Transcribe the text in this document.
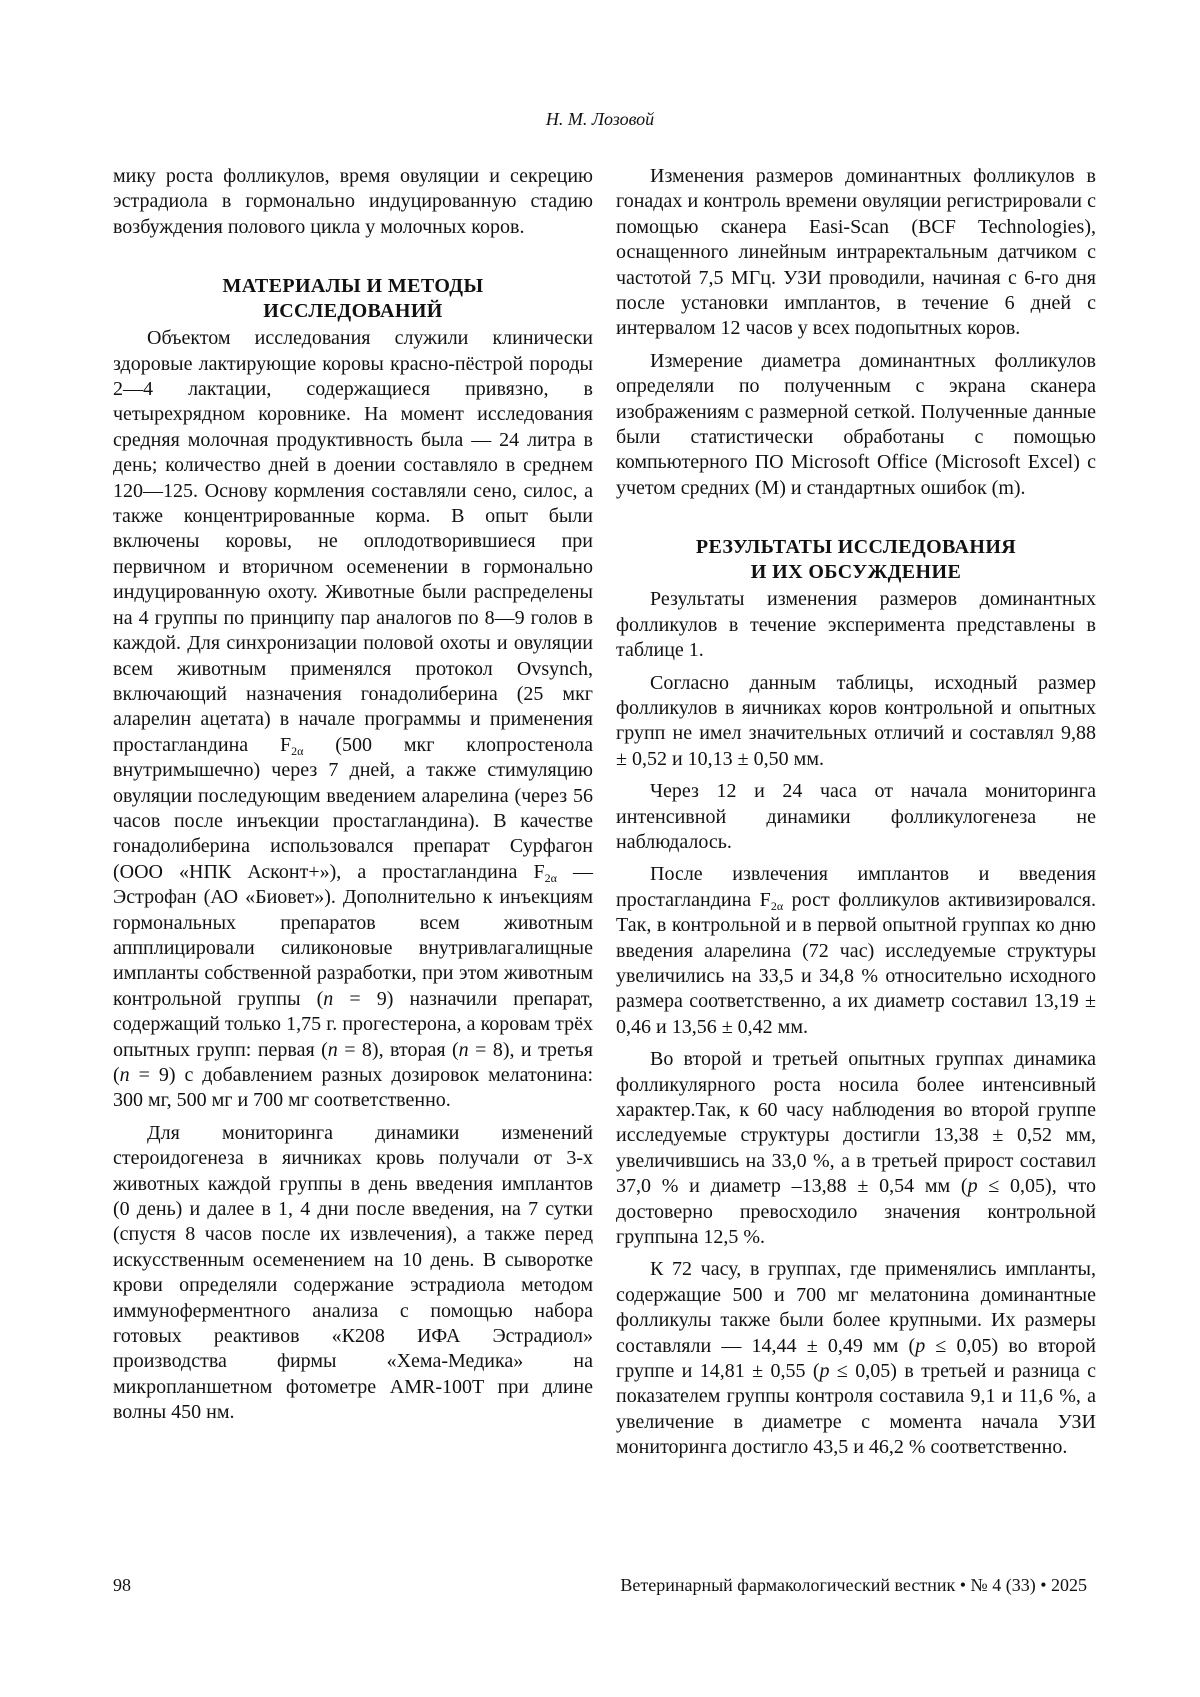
Н. М. Лозовой

мику роста фолликулов, время овуляции и секрецию эстрадиола в гормонально индуцированную стадию возбуждения полового цикла у молочных коров.

МАТЕРИАЛЫ И МЕТОДЫ
ИССЛЕДОВАНИЙ

Объектом исследования служили клинически здоровые лактирующие коровы красно-пёстрой породы 2—4 лактации, содержащиеся привязно, в четырехрядном коровнике. На момент исследования средняя молочная продуктивность была — 24 литра в день; количество дней в доении составляло в среднем 120—125. Основу кормления составляли сено, силос, а также концентрированные корма. В опыт были включены коровы, не оплодотворившиеся при первичном и вторичном осеменении в гормонально индуцированную охоту. Животные были распределены на 4 группы по принципу пар аналогов по 8—9 голов в каждой. Для синхронизации половой охоты и овуляции всем животным применялся протокол Ovsynch, включающий назначения гонадолиберина (25 мкг аларелин ацетата) в начале программы и применения простагландина $F_{2\alpha}$ (500 мкг клопростенола внутримышечно) через 7 дней, а также стимуляцию овуляции последующим введением аларелина (через 56 часов после инъекции простагландина). В качестве гонадолиберина использовался препарат Сурфагон (ООО «НПК Асконт+»), а простагландина $F_{2\alpha}$ — Эстрофан (АО «Биовет»). Дополнительно к инъекциям гормональных препаратов всем животным аппплицировали силиконовые внутривлагалищные импланты собственной разработки, при этом животным контрольной группы (n = 9) назначили препарат, содержащий только 1,75 г. прогестерона, а коровам трёх опытных групп: первая (n = 8), вторая (n = 8), и третья (n = 9) с добавлением разных дозировок мелатонина: 300 мг, 500 мг и 700 мг соответственно.

Для мониторинга динамики изменений стероидогенеза в яичниках кровь получали от 3-х животных каждой группы в день введения имплантов (0 день) и далее в 1, 4 дни после введения, на 7 сутки (спустя 8 часов после их извлечения), а также перед искусственным осеменением на 10 день. В сыворотке крови определяли содержание эстрадиола методом иммуноферментного анализа с помощью набора готовых реактивов «К208 ИФА Эстрадиол» производства фирмы «Хема-Медика» на микропланшетном фотометре AMR-100T при длине волны 450 нм.

Изменения размеров доминантных фолликулов в гонадах и контроль времени овуляции регистрировали с помощью сканера Easi-Scan (BCF Technologies), оснащенного линейным интраректальным датчиком с частотой 7,5 МГц. УЗИ проводили, начиная с 6-го дня после установки имплантов, в течение 6 дней с интервалом 12 часов у всех подопытных коров.

Измерение диаметра доминантных фолликулов определяли по полученным с экрана сканера изображениям с размерной сеткой. Полученные данные были статистически обработаны с помощью компьютерного ПО Microsoft Office (Microsoft Excel) с учетом средних (M) и стандартных ошибок (m).

РЕЗУЛЬТАТЫ ИССЛЕДОВАНИЯ
И ИХ ОБСУЖДЕНИЕ

Результаты изменения размеров доминантных фолликулов в течение эксперимента представлены в таблице 1.

Согласно данным таблицы, исходный размер фолликулов в яичниках коров контрольной и опытных групп не имел значительных отличий и составлял 9,88 ± 0,52 и 10,13 ± 0,50 мм.

Через 12 и 24 часа от начала мониторинга интенсивной динамики фолликулогенеза не наблюдалось.

После извлечения имплантов и введения простагландина $F_{2\alpha}$ рост фолликулов активизировался. Так, в контрольной и в первой опытной группах ко дню введения аларелина (72 час) исследуемые структуры увеличились на 33,5 и 34,8 % относительно исходного размера соответственно, а их диаметр составил 13,19 ± 0,46 и 13,56 ± 0,42 мм.

Во второй и третьей опытных группах динамика фолликулярного роста носила более интенсивный характер.Так, к 60 часу наблюдения во второй группе исследуемые структуры достигли 13,38 ± 0,52 мм, увеличившись на 33,0 %, а в третьей прирост составил 37,0 % и диаметр –13,88 ± 0,54 мм (p ≤ 0,05), что достоверно превосходило значения контрольной группына 12,5 %.

К 72 часу, в группах, где применялись импланты, содержащие 500 и 700 мг мелатонина доминантные фолликулы также были более крупными. Их размеры составляли — 14,44 ± 0,49 мм (p ≤ 0,05) во второй группе и 14,81 ± 0,55 (p ≤ 0,05) в третьей и разница с показателем группы контроля составила 9,1 и 11,6 %, а увеличение в диаметре с момента начала УЗИ мониторинга достигло 43,5 и 46,2 % соответственно.

98	Ветеринарный фармакологический вестник • № 4 (33) • 2025
